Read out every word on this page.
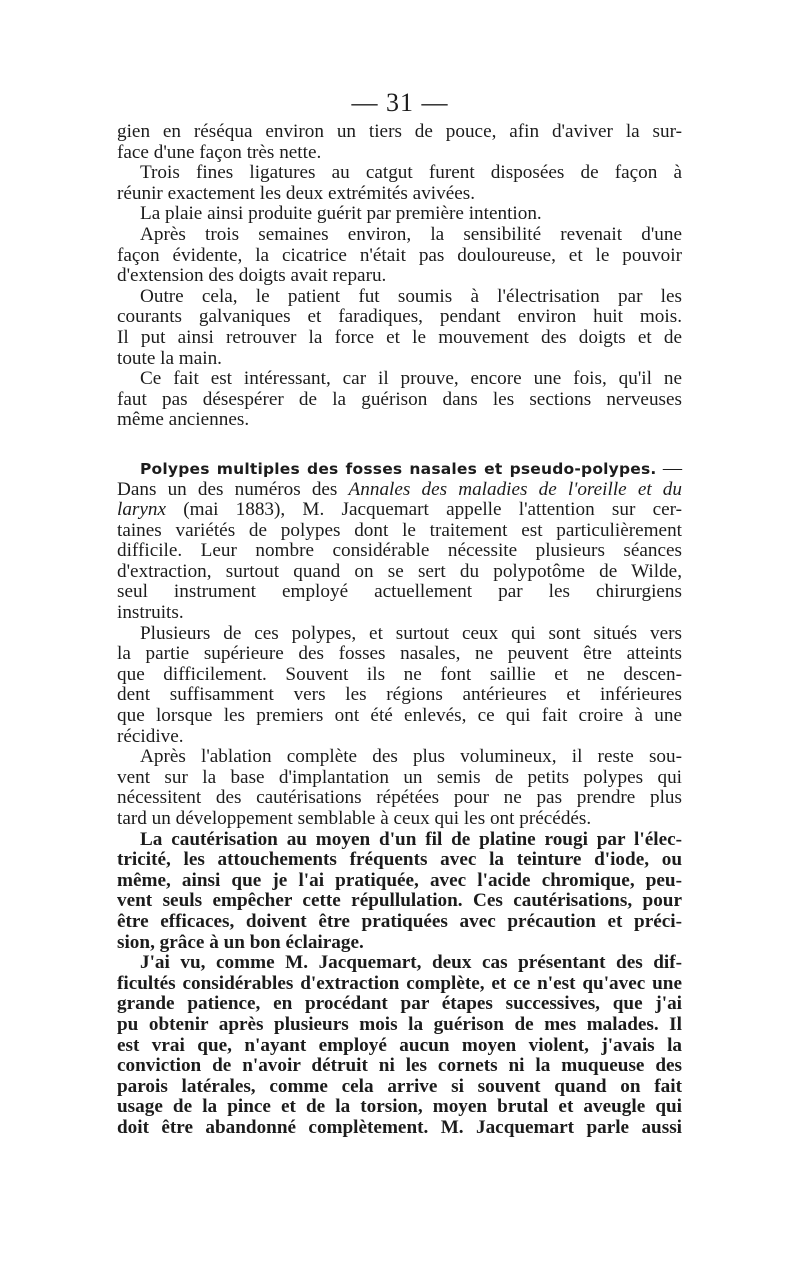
— 31 —
gien en réséqua environ un tiers de pouce, afin d'aviver la sur-
face d'une façon très nette.
Trois fines ligatures au catgut furent disposées de façon à
réunir exactement les deux extrémités avivées.
La plaie ainsi produite guérit par première intention.
Après trois semaines environ, la sensibilité revenait d'une
façon évidente, la cicatrice n'était pas douloureuse, et le pouvoir
d'extension des doigts avait reparu.
Outre cela, le patient fut soumis à l'électrisation par les
courants galvaniques et faradiques, pendant environ huit mois.
Il put ainsi retrouver la force et le mouvement des doigts et de
toute la main.
Ce fait est intéressant, car il prouve, encore une fois, qu'il ne
faut pas désespérer de la guérison dans les sections nerveuses
même anciennes.
Polypes multiples des fosses nasales et pseudo-polypes. —
Dans un des numéros des Annales des maladies de l'oreille et du
larynx (mai 1883), M. Jacquemart appelle l'attention sur cer-
taines variétés de polypes dont le traitement est particulièrement
difficile. Leur nombre considérable nécessite plusieurs séances
d'extraction, surtout quand on se sert du polypotôme de Wilde,
seul instrument employé actuellement par les chirurgiens
instruits.
Plusieurs de ces polypes, et surtout ceux qui sont situés vers
la partie supérieure des fosses nasales, ne peuvent être atteints
que difficilement. Souvent ils ne font saillie et ne descen-
dent suffisamment vers les régions antérieures et inférieures
que lorsque les premiers ont été enlevés, ce qui fait croire à une
récidive.
Après l'ablation complète des plus volumineux, il reste sou-
vent sur la base d'implantation un semis de petits polypes qui
nécessitent des cautérisations répétées pour ne pas prendre plus
tard un développement semblable à ceux qui les ont précédés.
La cautérisation au moyen d'un fil de platine rougi par l'élec-
tricité, les attouchements fréquents avec la teinture d'iode, ou
même, ainsi que je l'ai pratiquée, avec l'acide chromique, peu-
vent seuls empêcher cette répullulation. Ces cautérisations, pour
être efficaces, doivent être pratiquées avec précaution et préci-
sion, grâce à un bon éclairage.
J'ai vu, comme M. Jacquemart, deux cas présentant des dif-
ficultés considérables d'extraction complète, et ce n'est qu'avec une
grande patience, en procédant par étapes successives, que j'ai
pu obtenir après plusieurs mois la guérison de mes malades. Il
est vrai que, n'ayant employé aucun moyen violent, j'avais la
conviction de n'avoir détruit ni les cornets ni la muqueuse des
parois latérales, comme cela arrive si souvent quand on fait
usage de la pince et de la torsion, moyen brutal et aveugle qui
doit être abandonné complètement. M. Jacquemart parle aussi
